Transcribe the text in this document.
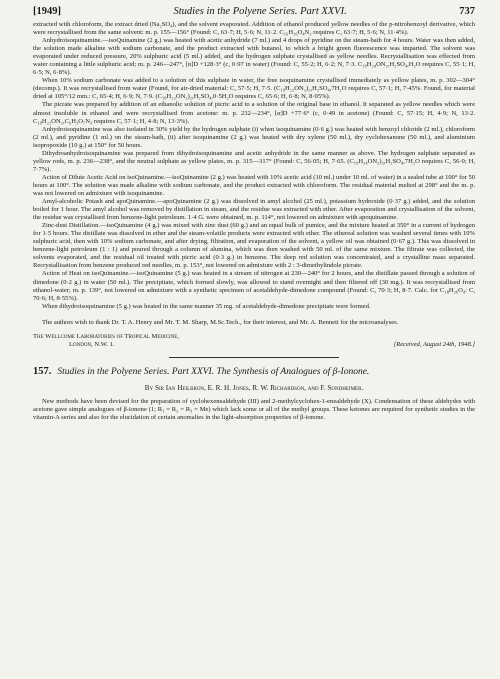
[1949]	Studies in the Polyene Series. Part XXVI.	737

extracted with chloroform, the extract dried (Na₂SO₄), and the solvent evaporated. Addition of ethanol produced yellow needles of the p-nitrobenzoyl derivative, which were recrystallised from the same solvent: m. p. 155—156° (Found: C, 63·7; H, 5·6; N, 11·2. C₁₆H₁₆O₄N₂ requires C, 63·7; H, 5·6; N, 11·4%).

Anhydroisoquinamine.—isoQuinamine (2 g.) was heated with acetic anhydride (7 ml.) and 4 drops of pyridine on the steam-bath for 4 hours. Water was then added, the solution made alkaline with sodium carbonate, and the product extracted with butanol, to which a bright green fluorescence was imparted. The solvent was evaporated under reduced pressure, 20% sulphuric acid (5 ml.) added, and the hydrogen sulphate crystallised as yellow needles. Recrystallisation was effected from water containing a little sulphuric acid; m. p. 246—247°, [α]D +128·3° (c, 0·97 in water) (Found: C, 55·2; H, 6·2; N, 7·3. C₁₉H₂₄ON₂,H₂SO₄,H₂O requires C, 55·1; H, 6·5; N, 6·8%).

When 10% sodium carbonate was added to a solution of this sulphate in water, the free isoquinamine crystallised immediately as yellow plates, m. p. 302—304° (decomp.). It was recrystallised from water (Found, for air-dried material: C, 57·5; H, 7·5. (C₁₉H₂₂ON₂)₂,H₂SO₄,7H₂O requires C, 57·1; H, 7·45%. Found, for material dried at 105°/12 mm.: C, 65·4; H, 6·9; N, 7·9. (C₁₉H₂₂ON₂)₂,H₂SO₄,0·5H₂O requires C, 65·6; H, 6·8; N, 8·05%).

The picrate was prepared by addition of an ethanolic solution of picric acid to a solution of the original base in ethanol. It separated as yellow needles which were almost insoluble in ethanol and were recrystallised from acetone: m. p. 232—234°, [α]D +77·6° (c, 0·49 in acetone) (Found: C, 57·15; H, 4·9; N, 13·2. C₁₉H₂₂ON₂,C₆H₃O₇N₃ requires C, 57·1; H, 4·8; N, 13·3%).

Anhydroisoquinamine was also isolated in 30% yield by the hydrogen sulphate (i) when isoquinamine (0·6 g.) was heated with benzoyl chloride (2 ml.), chloroform (2 ml.), and pyridine (1 ml.) on the steam-bath, (ii) after isoquinamine (2 g.) was heated with dry xylene (50 ml.), dry cyclohexanone (50 ml.), and aluminium isopropoxide (10 g.) at 150° for 50 hours.

Dihydroanhydroisoquinamine was prepared from dihydroisoquinamine and acetic anhydride in the same manner as above. The hydrogen sulphate separated as yellow rods, m. p. 236—238°, and the neutral sulphate as yellow plates, m. p. 315—317° (Found: C, 56·05; H, 7·65. (C₁₉H₂₄ON₂)₂,H₂SO₄,7H₂O requires C, 56·0; H, 7·7%).

Action of Dilute Acetic Acid on isoQuinamine.—isoQuinamine (2 g.) was heated with 10% acetic acid (10 ml.) under 10 ml. of water) in a sealed tube at 100° for 50 hours at 100°. The solution was made alkaline with sodium carbonate, and the product extracted with chloroform. The residual material melted at 298° and the m. p. was not lowered on admixture with isoquinamine.

Amyl-alcoholic Potash and apoQuinamine.—apoQuinamine (2 g.) was dissolved in amyl alcohol (25 ml.), potassium hydroxide (0·37 g.) added, and the solution boiled for 1 hour. The amyl alcohol was removed by distillation in steam, and the residue was extracted with ether. After evaporation and crystallisation of the solvent, the residue was crystallised from benzene-light petroleum. 1·4 G. were obtained, m. p. 114°, not lowered on admixture with apoquinamine.

Zinc-dust Distillation.—isoQuinamine (4 g.) was mixed with zinc dust (60 g.) and an equal bulk of pumice, and the mixture heated at 350° in a current of hydrogen for 1·5 hours. The distillate was dissolved in ether and the steam-volatile products were extracted with ether. The ethereal solution was washed several times with 10% sulphuric acid, then with 10% sodium carbonate, and after drying, filtration, and evaporation of the solvent, a yellow oil was obtained (0·67 g.). This was dissolved in benzene-light petroleum (1 : 1) and poured through a column of alumina, which was then washed with 50 ml. of the same mixture. The filtrate was collected, the solvents evaporated, and the residual oil treated with picric acid (0·3 g.) in benzene. The deep red solution was concentrated, and a crystalline mass separated. Recrystallisation from benzene produced red needles, m. p. 153°, not lowered on admixture with 2 : 3-dimethylindole picrate.

Action of Heat on isoQuinamine.—isoQuinamine (5 g.) was heated in a stream of nitrogen at 230—240° for 2 hours, and the distillate passed through a solution of dimedone (0·2 g.) in water (50 ml.). The precipitate, which formed slowly, was allowed to stand overnight and then filtered off (30 mg.). It was recrystallised from ethanol-water; m. p. 139°, not lowered on admixture with a synthetic specimen of acetaldehyde-dimedone compound (Found: C, 70·3; H, 8·7. Calc. for C₁₈H₂₆O₄: C, 70·6; H, 8·55%).

When dihydroisoquinamine (5 g.) was heated in the same manner 35 mg. of acetaldehyde-dimedone precipitate were formed.

The authors wish to thank Dr. T. A. Henry and Mr. T. M. Sharp, M.Sc.Tech., for their interest, and Mr. A. Bennett for the microanalyses.
The Wellcome Laboratories of Tropical Medicine,
London, N.W. 1.	[Received, August 24th, 1948.]
157. Studies in the Polyene Series. Part XXVI. The Synthesis of Analogues of β-Ionone.
By Sir Ian Heilbron, E. R. H. Jones, R. W. Richardson, and F. Sondheimer.

New methods have been devised for the preparation of cyclohexenealdehyde (III) and 2-methylcyclohex-1-enealdehyde (X). Condensation of these aldehydes with acetone gave simple analogues of β-ionone (1; R₁ = R₂ = R₃ = Me) which lack some or all of the methyl groups. These ketones are required for synthetic studies in the vitamin-A series and also for the elucidation of certain anomalies in the light-absorption properties of β-ionone.
